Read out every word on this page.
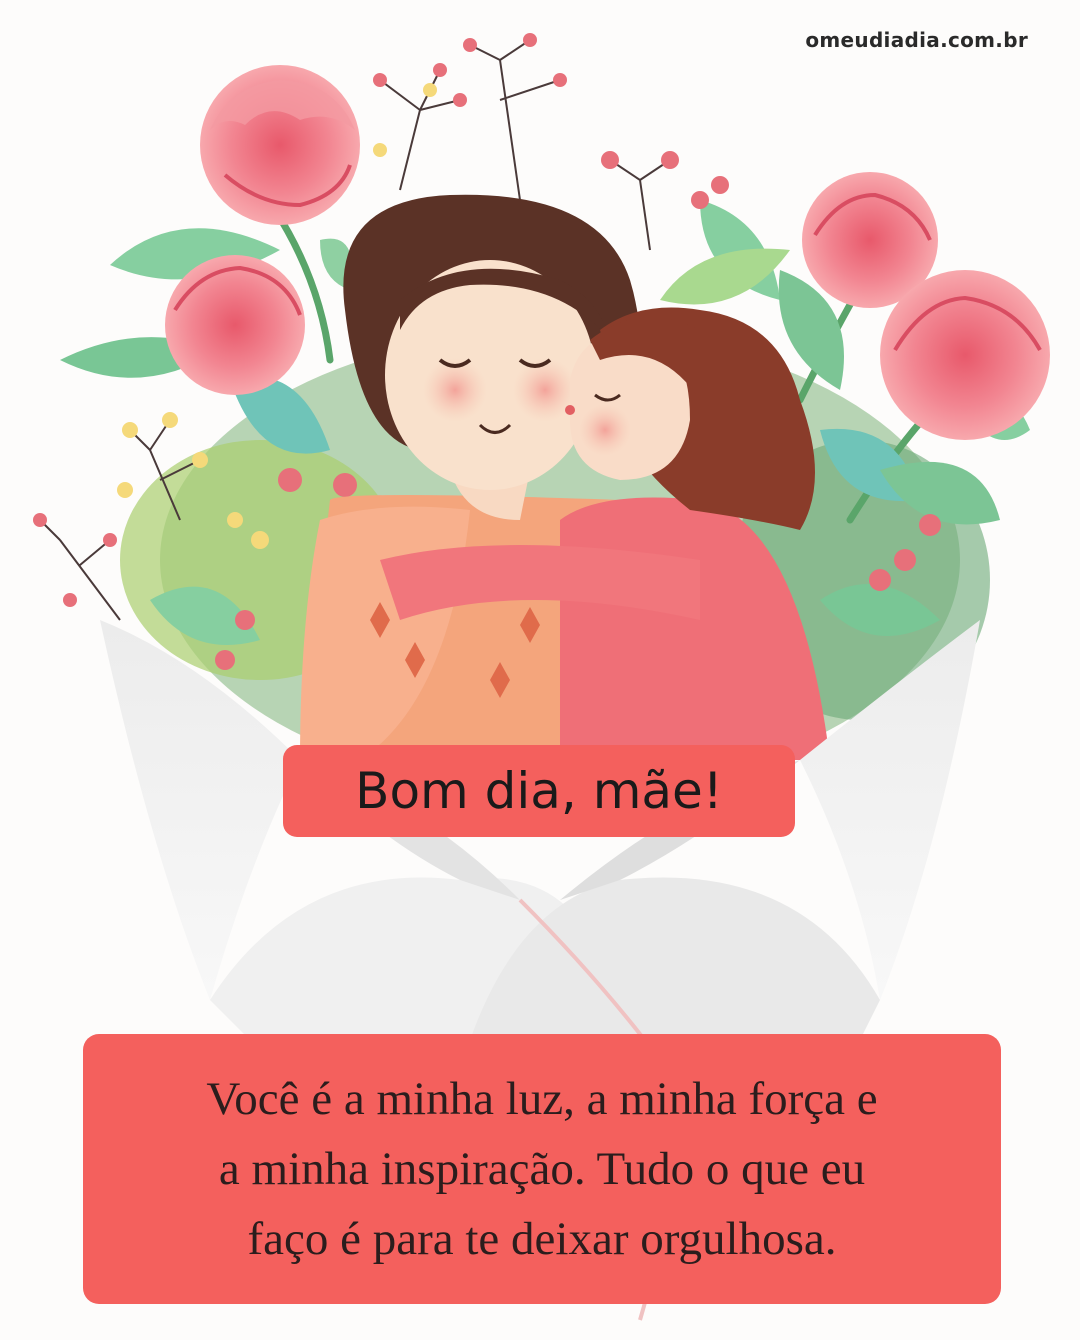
omeudiadia.com.br
Bom dia, mãe!
Você é a minha luz, a minha força e
a minha inspiração. Tudo o que eu
faço é para te deixar orgulhosa.
